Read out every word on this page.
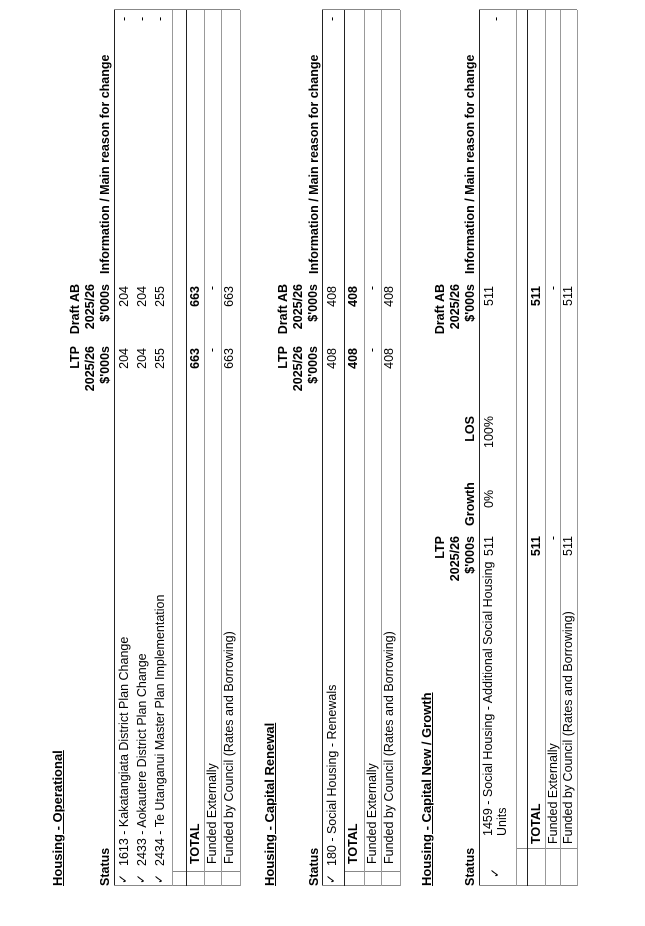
Housing - Operational	Status
LTP 2025/26 $'000s
Draft AB 2025/26 $'000s
Information / Main reason for change
✓
1613 - Kakatangiata District Plan Change
204
204
-
✓
2433 - Aokautere District Plan Change
204
204
-
✓
2434 - Te Utanganui Master Plan Implementation
255
255
-
TOTAL
663
663
Funded Externally
-
-
Funded by Council (Rates and Borrowing)
663
663
Housing - Capital Renewal Status
LTP 2025/26 $'000s
Draft AB 2025/26 $'000s
Information / Main reason for change
✓
180 - Social Housing - Renewals
408
408
-
TOTAL
408
408
Funded Externally
-
-
Funded by Council (Rates and Borrowing)
408
408
Housing - Capital New / Growth Status
LTP 2025/26 $'000s
Growth
LOS
Draft AB 2025/26 $'000s
Information / Main reason for change
✓
1459 - Social Housing - Additional Social Housing
Units
511
0%
100%
511
-
TOTAL
511
511
Funded Externally
-
-
Funded by Council (Rates and Borrowing)
511
511
